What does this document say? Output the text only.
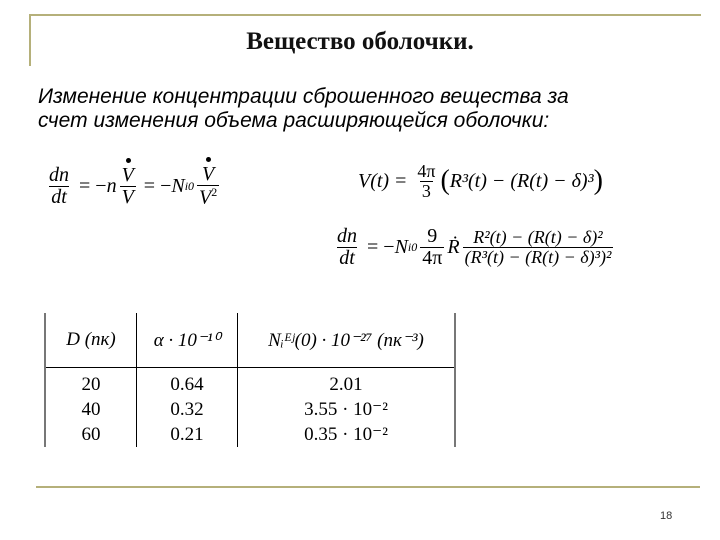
Вещество оболочки.
Изменение концентрации сброшенного вещества за
счет изменения объема расширяющейся оболочки:
$\frac{dn}{dt}$ = − n $\frac{V}{V}$ = − N $i0 \frac{V}{V^2}$	$V(t) = \frac{4\pi}{3}$ ( R³(t) − (R(t) − δ)³ )
$\frac{dn}{dt}$ = − N $i0 \frac{9}{4\pi}$ Ṙ $\frac{\text{R²(t) − (R(t) − δ)²}}{\text{(R³(t) − (R(t) − δ)³)²}}$
D (пк)	α · 10⁻¹⁰	Nᵢᴱʲ(0) · 10⁻²⁷ (пк⁻³)
20	0.64	2.01
40	0.32	3.55 · 10⁻²
60	0.21	0.35 · 10⁻²
18
